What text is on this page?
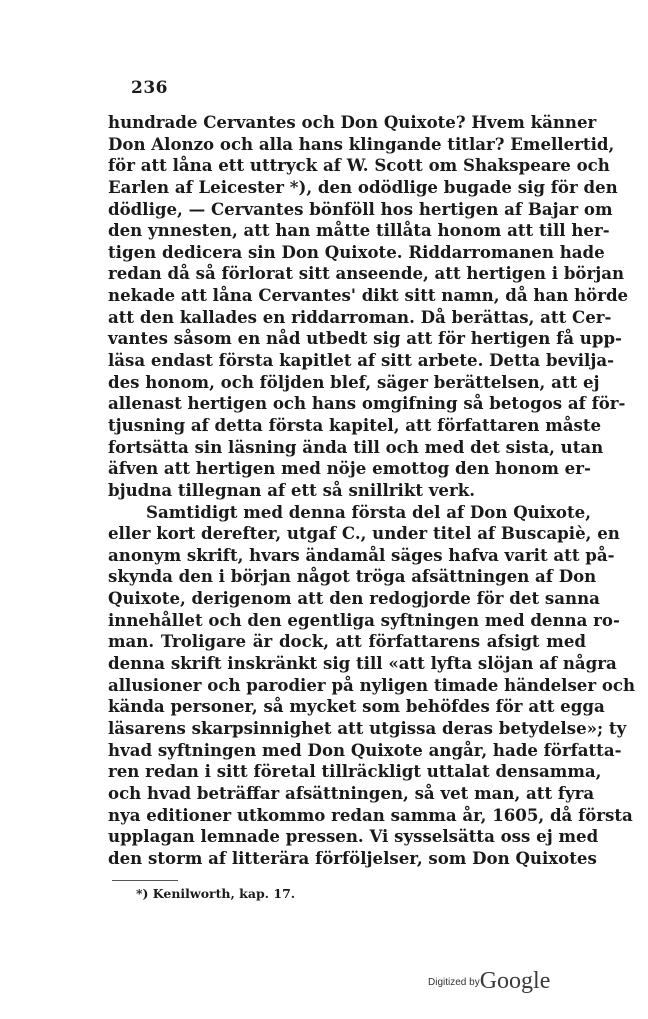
236
hundrade Cervantes och Don Quixote? Hvem känner
Don Alonzo och alla hans klingande titlar? Emellertid,
för att låna ett uttryck af W. Scott om Shakspeare och
Earlen af Leicester *), den odödlige bugade sig för den
dödlige, — Cervantes bönföll hos hertigen af Bajar om
den ynnesten, att han måtte tillåta honom att till her-
tigen dedicera sin Don Quixote. Riddarromanen hade
redan då så förlorat sitt anseende, att hertigen i början
nekade att låna Cervantes' dikt sitt namn, då han hörde
att den kallades en riddarroman. Då berättas, att Cer-
vantes såsom en nåd utbedt sig att för hertigen få upp-
läsa endast första kapitlet af sitt arbete. Detta bevilja-
des honom, och följden blef, säger berättelsen, att ej
allenast hertigen och hans omgifning så betogos af för-
tjusning af detta första kapitel, att författaren måste
fortsätta sin läsning ända till och med det sista, utan
äfven att hertigen med nöje emottog den honom er-
bjudna tillegnan af ett så snillrikt verk.
Samtidigt med denna första del af Don Quixote,
eller kort derefter, utgaf C., under titel af Buscapiè, en
anonym skrift, hvars ändamål säges hafva varit att på-
skynda den i början något tröga afsättningen af Don
Quixote, derigenom att den redogjorde för det sanna
innehållet och den egentliga syftningen med denna ro-
man. Troligare är dock, att författarens afsigt med
denna skrift inskränkt sig till «att lyfta slöjan af några
allusioner och parodier på nyligen timade händelser och
kända personer, så mycket som behöfdes för att egga
läsarens skarpsinnighet att utgissa deras betydelse»; ty
hvad syftningen med Don Quixote angår, hade författa-
ren redan i sitt företal tillräckligt uttalat densamma,
och hvad beträffar afsättningen, så vet man, att fyra
nya editioner utkommo redan samma år, 1605, då första
upplagan lemnade pressen. Vi sysselsätta oss ej med
den storm af litterära förföljelser, som Don Quixotes
*) Kenilworth, kap. 17.
Digitized byGoogle
